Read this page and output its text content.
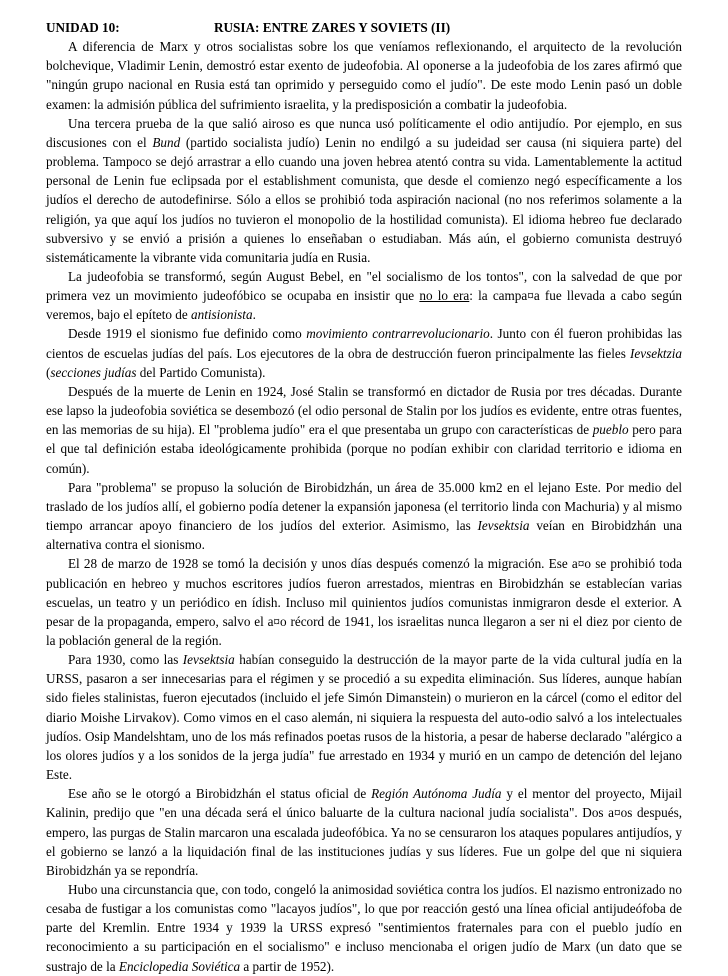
UNIDAD 10:	RUSIA: ENTRE ZARES Y SOVIETS (II)

A diferencia de Marx y otros socialistas sobre los que veníamos reflexionando, el arquitecto de la revolución bolchevique, Vladimir Lenin, demostró estar exento de judeofobia. Al oponerse a la judeofobia de los zares afirmó que "ningún grupo nacional en Rusia está tan oprimido y perseguido como el judío". De este modo Lenin pasó un doble examen: la admisión pública del sufrimiento israelita, y la predisposición a combatir la judeofobia.

Una tercera prueba de la que salió airoso es que nunca usó políticamente el odio antijudío. Por ejemplo, en sus discusiones con el Bund (partido socialista judío) Lenin no endilgó a su judeidad ser causa (ni siquiera parte) del problema. Tampoco se dejó arrastrar a ello cuando una joven hebrea atentó contra su vida. Lamentablemente la actitud personal de Lenin fue eclipsada por el establishment comunista, que desde el comienzo negó específicamente a los judíos el derecho de autodefinirse. Sólo a ellos se prohibió toda aspiración nacional (no nos referimos solamente a la religión, ya que aquí los judíos no tuvieron el monopolio de la hostilidad comunista). El idioma hebreo fue declarado subversivo y se envió a prisión a quienes lo enseñaban o estudiaban. Más aún, el gobierno comunista destruyó sistemáticamente la vibrante vida comunitaria judía en Rusia.

La judeofobia se transformó, según August Bebel, en "el socialismo de los tontos", con la salvedad de que por primera vez un movimiento judeofóbico se ocupaba en insistir que no lo era: la campa¤a fue llevada a cabo según veremos, bajo el epíteto de antisionista.

Desde 1919 el sionismo fue definido como movimiento contrarrevolucionario. Junto con él fueron prohibidas las cientos de escuelas judías del país. Los ejecutores de la obra de destrucción fueron principalmente las fieles Ievsektzia (secciones judías del Partido Comunista).

Después de la muerte de Lenin en 1924, José Stalin se transformó en dictador de Rusia por tres décadas. Durante ese lapso la judeofobia soviética se desembozó (el odio personal de Stalin por los judíos es evidente, entre otras fuentes, en las memorias de su hija). El "problema judío" era el que presentaba un grupo con características de pueblo pero para el que tal definición estaba ideológicamente prohibida (porque no podían exhibir con claridad territorio e idioma en común).

Para "problema" se propuso la solución de Birobidzhán, un área de 35.000 km2 en el lejano Este. Por medio del traslado de los judíos allí, el gobierno podía detener la expansión japonesa (el territorio linda con Machuria) y al mismo tiempo arrancar apoyo financiero de los judíos del exterior. Asimismo, las Ievsektsia veían en Birobidzhán una alternativa contra el sionismo.

El 28 de marzo de 1928 se tomó la decisión y unos días después comenzó la migración. Ese a¤o se prohibió toda publicación en hebreo y muchos escritores judíos fueron arrestados, mientras en Birobidzhán se establecían varias escuelas, un teatro y un periódico en ídish. Incluso mil quinientos judíos comunistas inmigraron desde el exterior. A pesar de la propaganda, empero, salvo el a¤o récord de 1941, los israelitas nunca llegaron a ser ni el diez por ciento de la población general de la región.

Para 1930, como las Ievsektsia habían conseguido la destrucción de la mayor parte de la vida cultural judía en la URSS, pasaron a ser innecesarias para el régimen y se procedió a su expedita eliminación. Sus líderes, aunque habían sido fieles stalinistas, fueron ejecutados (incluido el jefe Simón Dimanstein) o murieron en la cárcel (como el editor del diario Moishe Lirvakov). Como vimos en el caso alemán, ni siquiera la respuesta del auto-odio salvó a los intelectuales judíos. Osip Mandelshtam, uno de los más refinados poetas rusos de la historia, a pesar de haberse declarado "alérgico a los olores judíos y a los sonidos de la jerga judía" fue arrestado en 1934 y murió en un campo de detención del lejano Este.

Ese año se le otorgó a Birobidzhán el status oficial de Región Autónoma Judía y el mentor del proyecto, Mijail Kalinin, predijo que "en una década será el único baluarte de la cultura nacional judía socialista". Dos a¤os después, empero, las purgas de Stalin marcaron una escalada judeofóbica. Ya no se censuraron los ataques populares antijudíos, y el gobierno se lanzó a la liquidación final de las instituciones judías y sus líderes. Fue un golpe del que ni siquiera Birobidzhán ya se repondría.

Hubo una circunstancia que, con todo, congeló la animosidad soviética contra los judíos. El nazismo entronizado no cesaba de fustigar a los comunistas como "lacayos judíos", lo que por reacción gestó una línea oficial antijudeófoba de parte del Kremlin. Entre 1934 y 1939 la URSS expresó "sentimientos fraternales para con el pueblo judío en reconocimiento a su participación en el socialismo" e incluso mencionaba el origen judío de Marx (un dato que se sustrajo de la Enciclopedia Soviética a partir de 1952).
